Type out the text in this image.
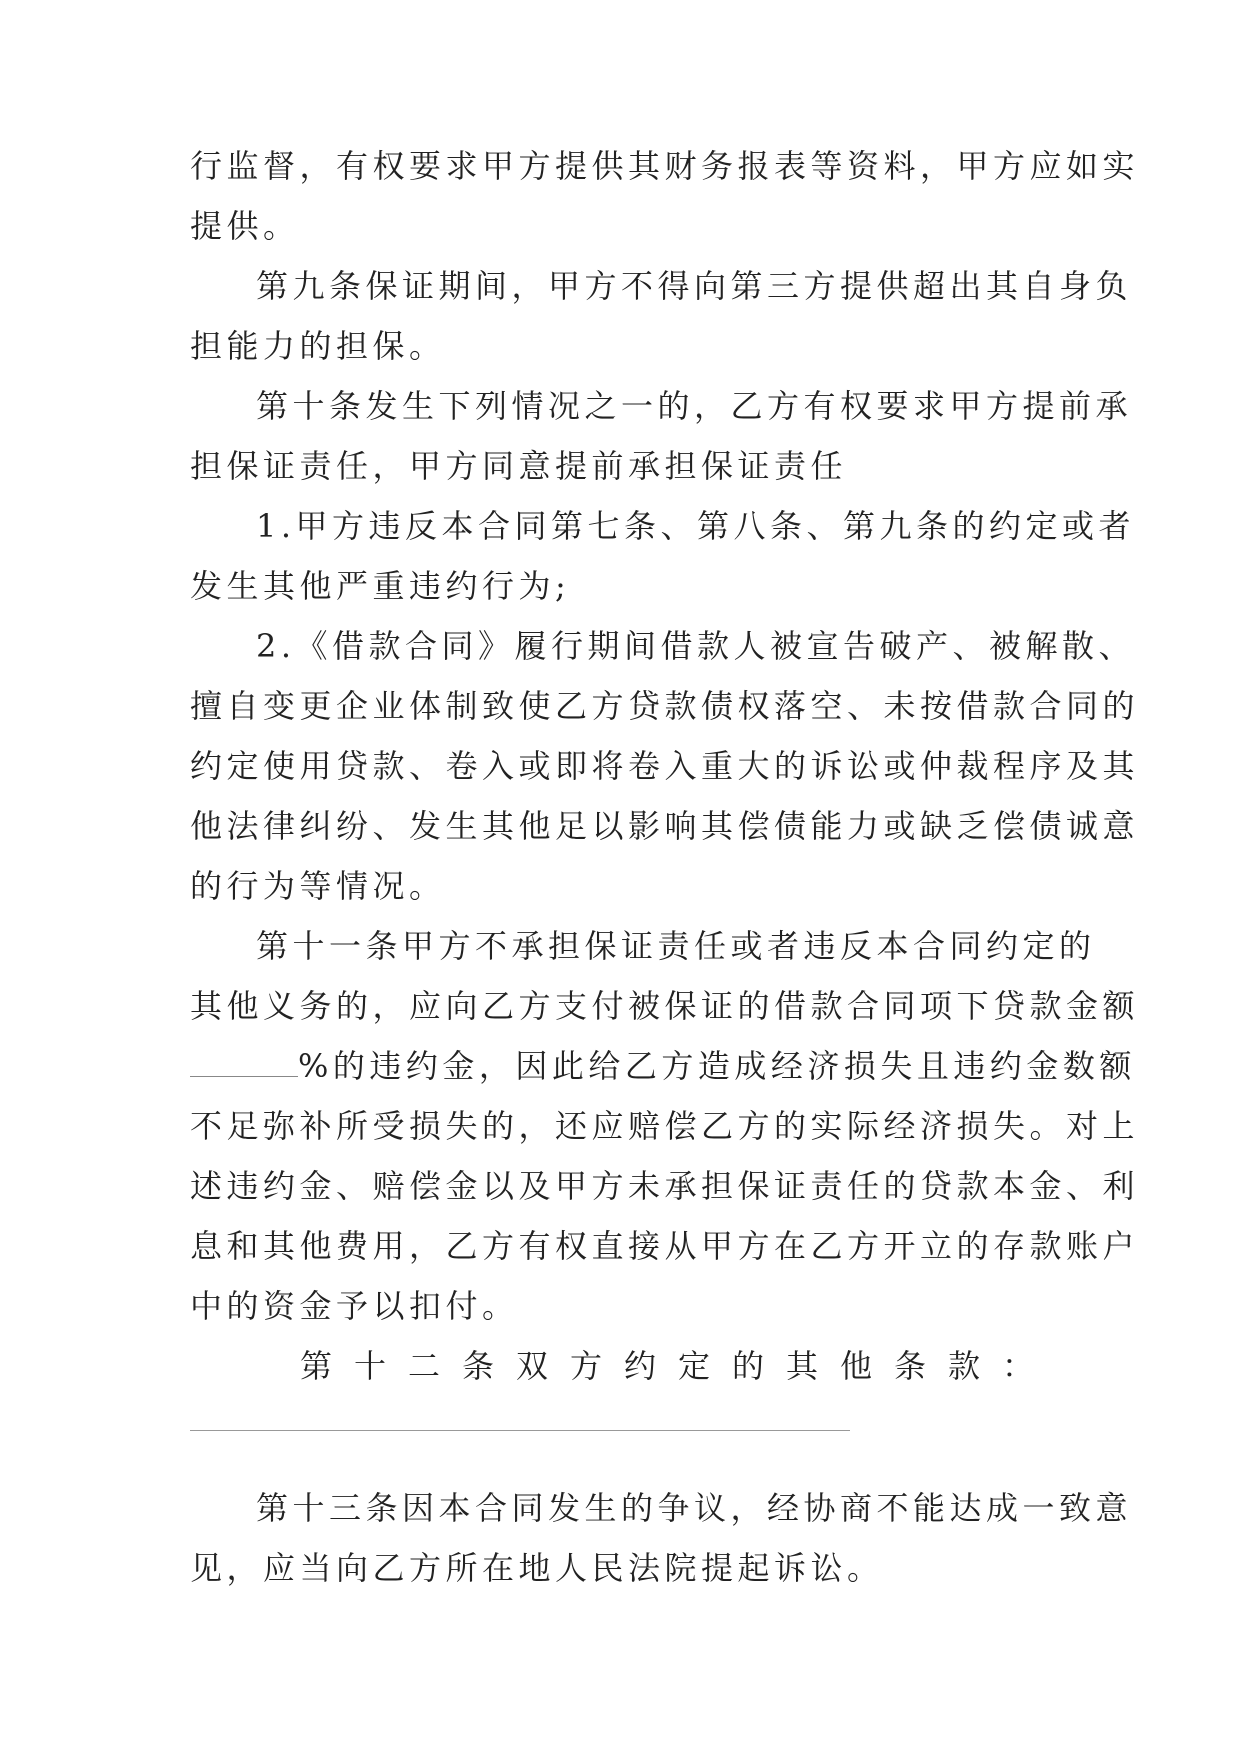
行监督，有权要求甲方提供其财务报表等资料，甲方应如实
提供。
第九条保证期间，甲方不得向第三方提供超出其自身负
担能力的担保。
第十条发生下列情况之一的，乙方有权要求甲方提前承
担保证责任，甲方同意提前承担保证责任
1.甲方违反本合同第七条、第八条、第九条的约定或者
发生其他严重违约行为;
2.《借款合同》履行期间借款人被宣告破产、被解散、
擅自变更企业体制致使乙方贷款债权落空、未按借款合同的
约定使用贷款、卷入或即将卷入重大的诉讼或仲裁程序及其
他法律纠纷、发生其他足以影响其偿债能力或缺乏偿债诚意
的行为等情况。
第十一条甲方不承担保证责任或者违反本合同约定的
其他义务的，应向乙方支付被保证的借款合同项下贷款金额
%的违约金，因此给乙方造成经济损失且违约金数额
不足弥补所受损失的，还应赔偿乙方的实际经济损失。对上
述违约金、赔偿金以及甲方未承担保证责任的贷款本金、利
息和其他费用，乙方有权直接从甲方在乙方开立的存款账户
中的资金予以扣付。
第十二条双方约定的其他条款：
第十三条因本合同发生的争议，经协商不能达成一致意
见，应当向乙方所在地人民法院提起诉讼。
